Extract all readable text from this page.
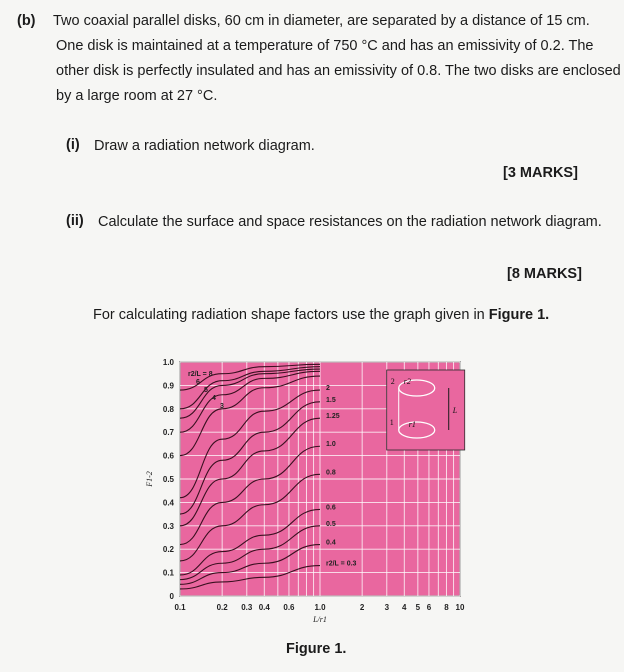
(b) Two coaxial parallel disks, 60 cm in diameter, are separated by a distance of 15 cm.
One disk is maintained at a temperature of 750 °C and has an emissivity of 0.2. The
other disk is perfectly insulated and has an emissivity of 0.8. The two disks are enclosed
by a large room at 27 °C.
(i) Draw a radiation network diagram.
[3 MARKS]
(ii) Calculate the surface and space resistances on the radiation network diagram.
[8 MARKS]
For calculating radiation shape factors use the graph given in Figure 1.
r2/L = 8
6
5
4
3
2
1.5
1.25
1.0
0.8
0.6
0.5
0.4
r2/L = 0.3
0
0.1
0.2
0.3
0.4
0.5
0.6
0.7
0.8
0.9
1.0
0.1	0.2 0.3 0.4 0.6 1.0	2	3 4 5 6 8 10
L/r1
F1-2
2 r2
1 r1
L
Figure 1.
